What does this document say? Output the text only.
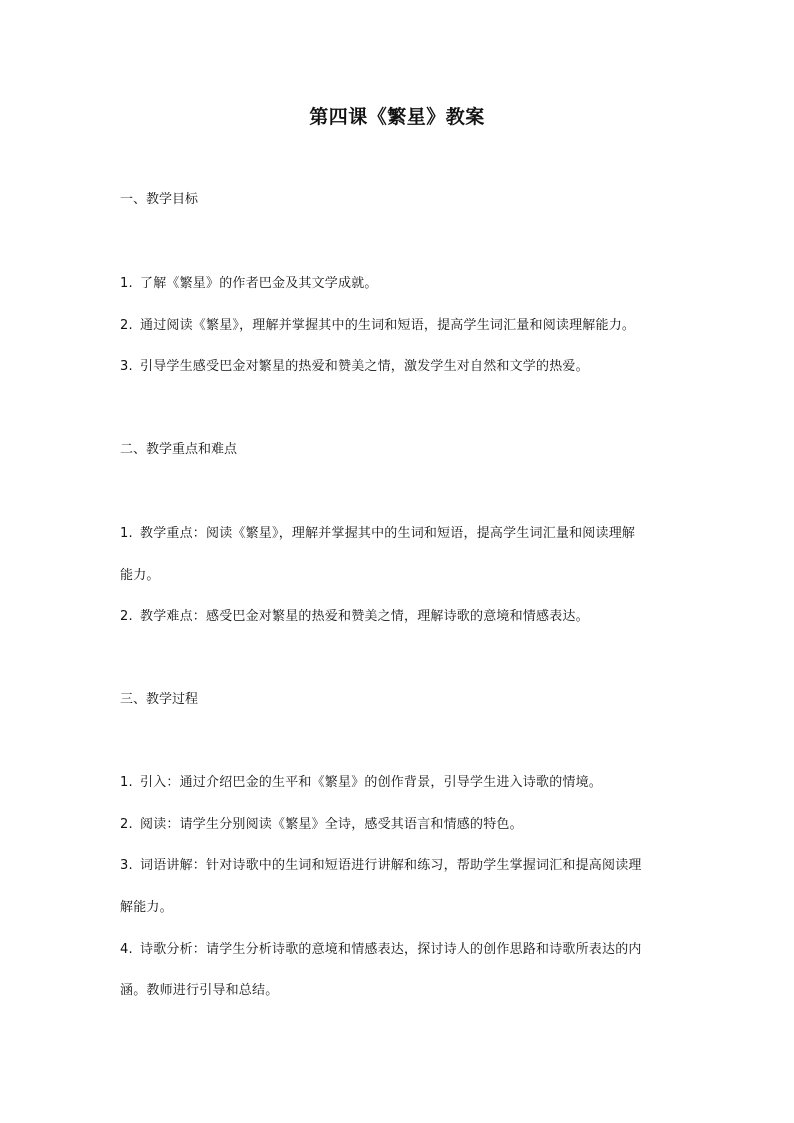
第四课《繁星》教案
一、教学目标
1. 了解《繁星》的作者巴金及其文学成就。
2. 通过阅读《繁星》，理解并掌握其中的生词和短语，提高学生词汇量和阅读理解能力。
3. 引导学生感受巴金对繁星的热爱和赞美之情，激发学生对自然和文学的热爱。
二、教学重点和难点
1. 教学重点：阅读《繁星》，理解并掌握其中的生词和短语，提高学生词汇量和阅读理解
能力。
2. 教学难点：感受巴金对繁星的热爱和赞美之情，理解诗歌的意境和情感表达。
三、教学过程
1. 引入：通过介绍巴金的生平和《繁星》的创作背景，引导学生进入诗歌的情境。
2. 阅读：请学生分别阅读《繁星》全诗，感受其语言和情感的特色。
3. 词语讲解：针对诗歌中的生词和短语进行讲解和练习，帮助学生掌握词汇和提高阅读理
解能力。
4. 诗歌分析：请学生分析诗歌的意境和情感表达，探讨诗人的创作思路和诗歌所表达的内
涵。教师进行引导和总结。
